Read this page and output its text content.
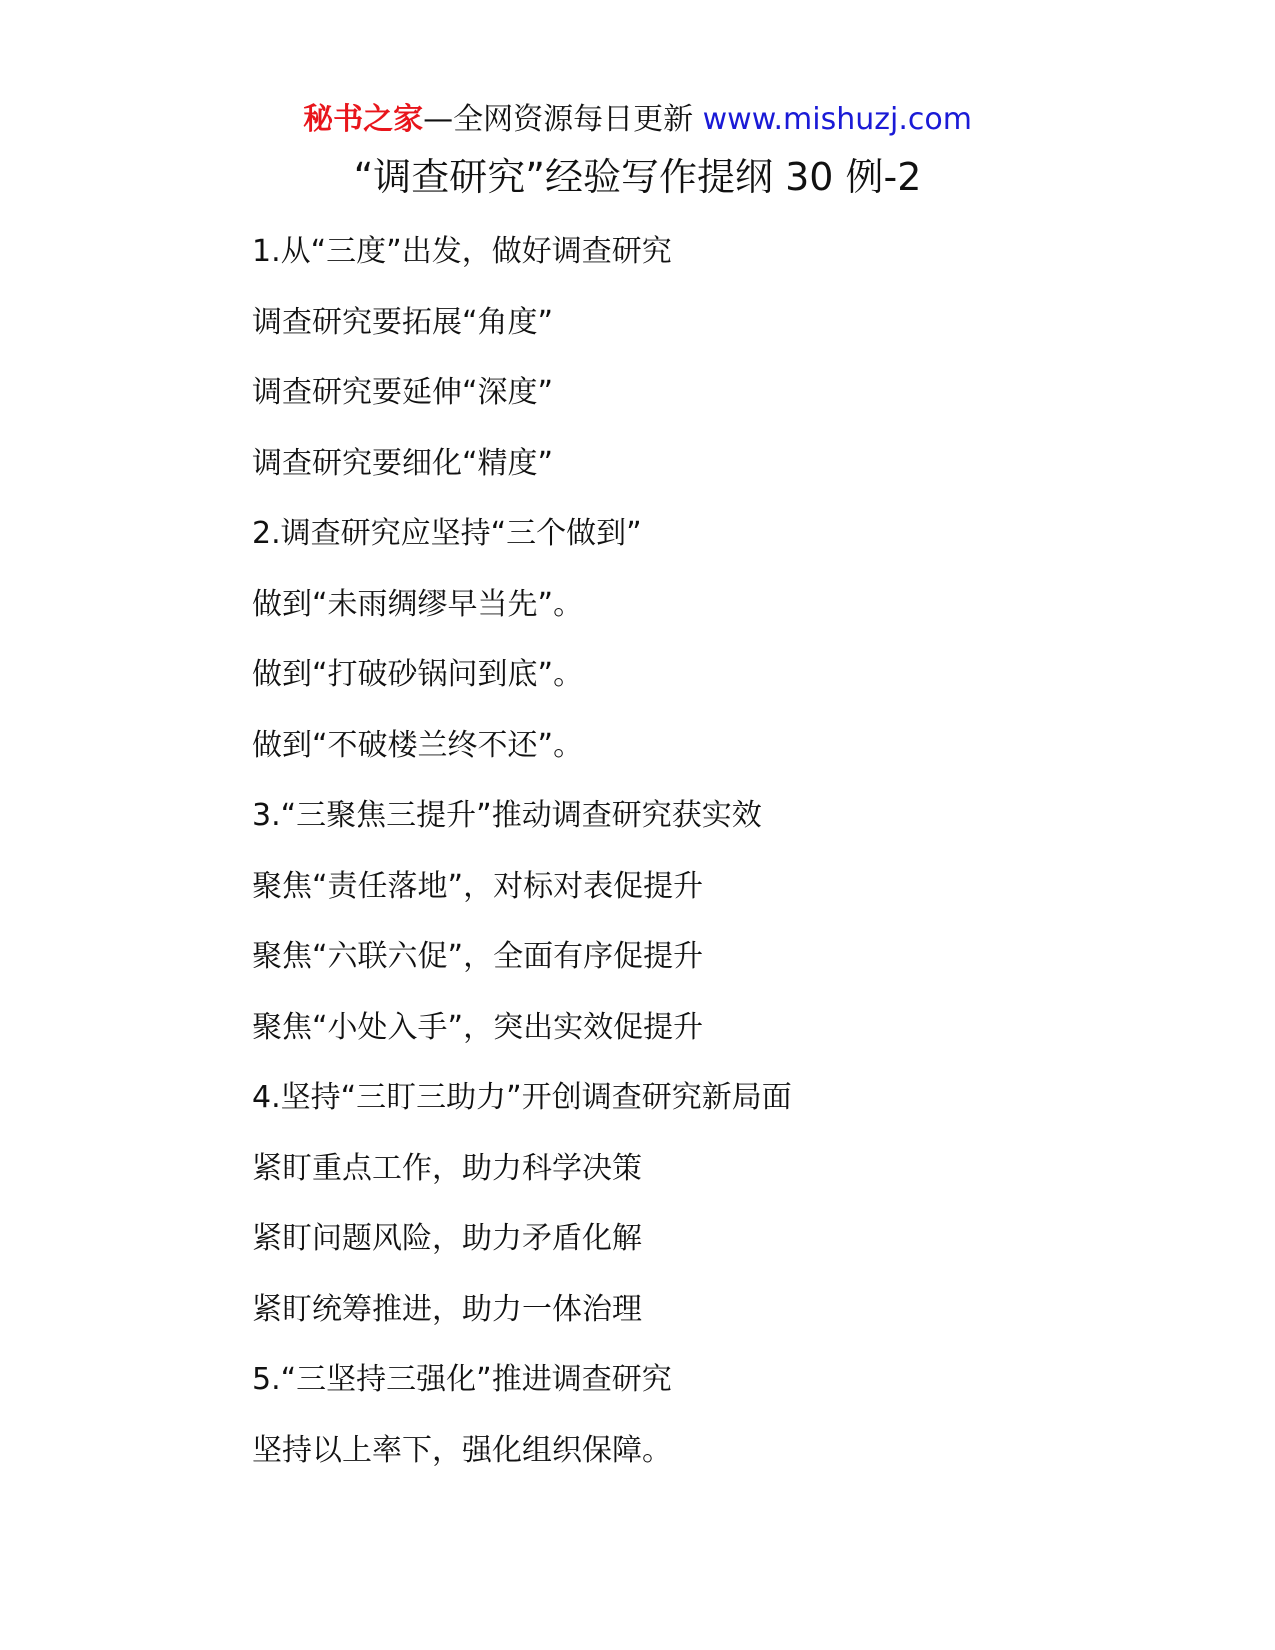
秘书之家—全网资源每日更新 www.mishuzj.com
“调查研究”经验写作提纲 30 例-2
1.从“三度”出发，做好调查研究
调查研究要拓展“角度”
调查研究要延伸“深度”
调查研究要细化“精度”
2.调查研究应坚持“三个做到”
做到“未雨绸缪早当先”。
做到“打破砂锅问到底”。
做到“不破楼兰终不还”。
3.“三聚焦三提升”推动调查研究获实效
聚焦“责任落地”，对标对表促提升
聚焦“六联六促”，全面有序促提升
聚焦“小处入手”，突出实效促提升
4.坚持“三盯三助力”开创调查研究新局面
紧盯重点工作，助力科学决策
紧盯问题风险，助力矛盾化解
紧盯统筹推进，助力一体治理
5.“三坚持三强化”推进调查研究
坚持以上率下，强化组织保障。
